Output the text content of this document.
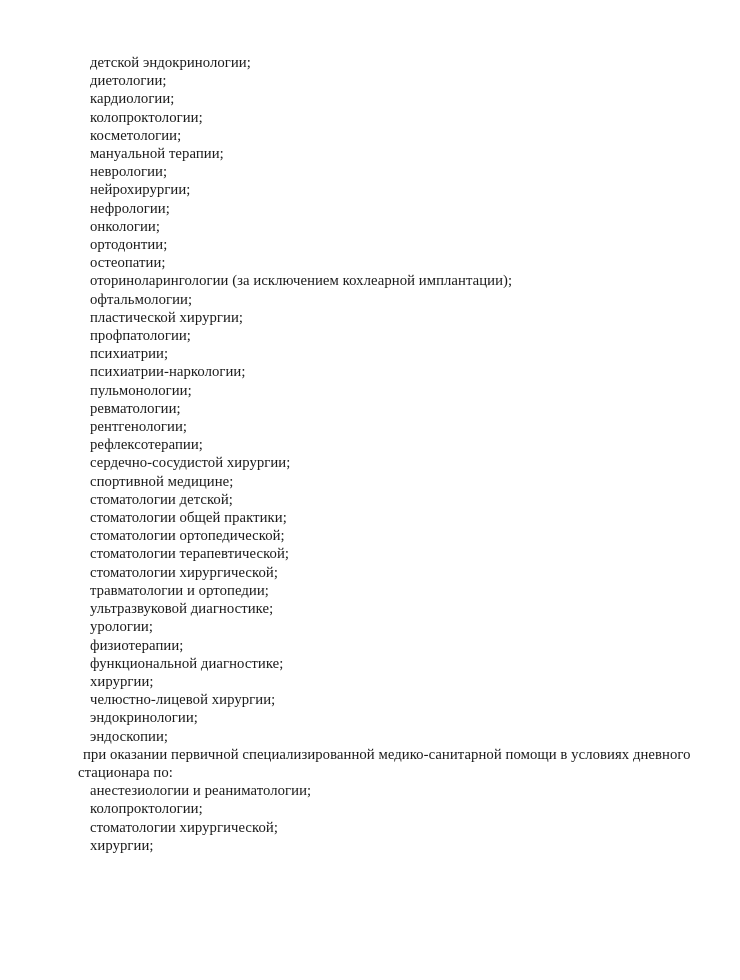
детской эндокринологии;

диетологии;

кардиологии;

колопроктологии;

косметологии;

мануальной терапии;

неврологии;

нейрохирургии;

нефрологии;

онкологии;

ортодонтии;

остеопатии;

оториноларингологии (за исключением кохлеарной имплантации);

офтальмологии;

пластической хирургии;

профпатологии;

психиатрии;

психиатрии-наркологии;

пульмонологии;

ревматологии;

рентгенологии;

рефлексотерапии;

сердечно-сосудистой хирургии;

спортивной медицине;

стоматологии детской;

стоматологии общей практики;

стоматологии ортопедической;

стоматологии терапевтической;

стоматологии хирургической;

травматологии и ортопедии;

ультразвуковой диагностике;

урологии;

физиотерапии;

функциональной диагностике;

хирургии;

челюстно-лицевой хирургии;

эндокринологии;

эндоскопии;

при оказании первичной специализированной медико-санитарной помощи в условиях дневного стационара по:

анестезиологии и реаниматологии;

колопроктологии;

стоматологии хирургической;

хирургии;
